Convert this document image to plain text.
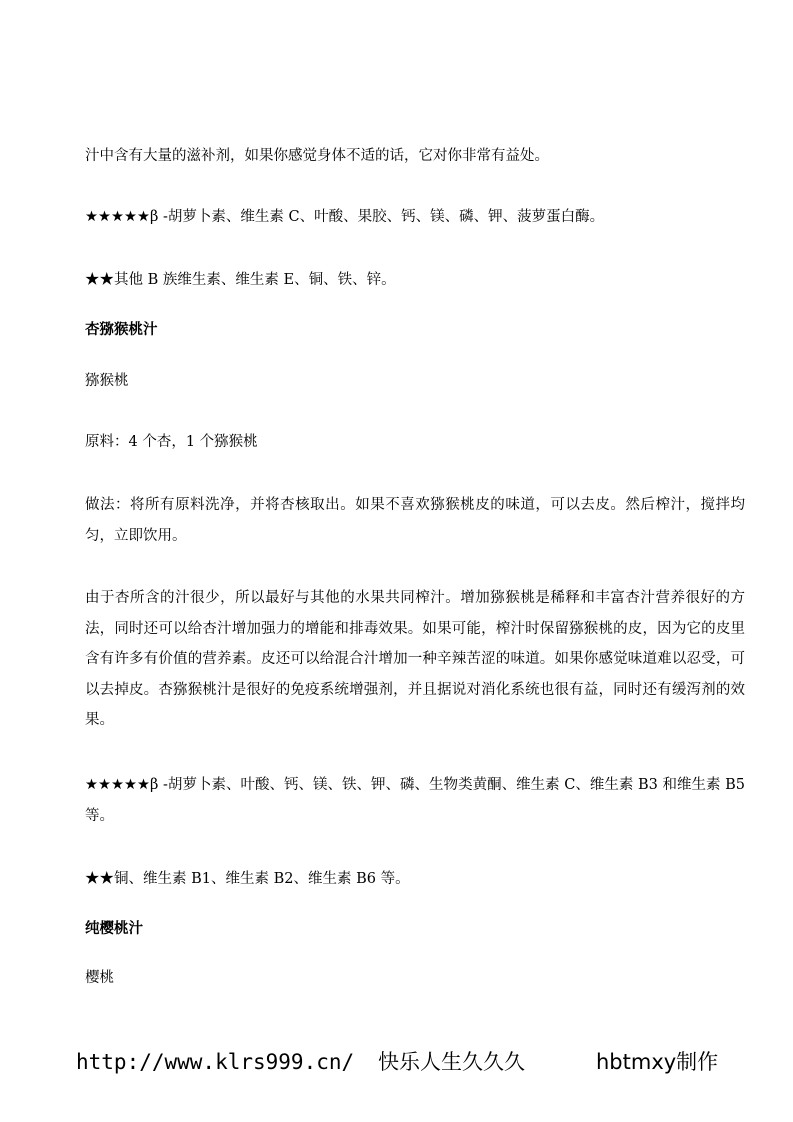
汁中含有大量的滋补剂，如果你感觉身体不适的话，它对你非常有益处。
★★★★★β -胡萝卜素、维生素 C、叶酸、果胶、钙、镁、磷、钾、菠萝蛋白酶。
★★其他 B 族维生素、维生素 E、铜、铁、锌。
杏猕猴桃汁
猕猴桃
原料：4 个杏，1 个猕猴桃
做法：将所有原料洗净，并将杏核取出。如果不喜欢猕猴桃皮的味道，可以去皮。然后榨汁，搅拌均匀，立即饮用。
由于杏所含的汁很少，所以最好与其他的水果共同榨汁。增加猕猴桃是稀释和丰富杏汁营养很好的方法，同时还可以给杏汁增加强力的增能和排毒效果。如果可能，榨汁时保留猕猴桃的皮，因为它的皮里含有许多有价值的营养素。皮还可以给混合汁增加一种辛辣苦涩的味道。如果你感觉味道难以忍受，可以去掉皮。杏猕猴桃汁是很好的免疫系统增强剂，并且据说对消化系统也很有益，同时还有缓泻剂的效果。
★★★★★β -胡萝卜素、叶酸、钙、镁、铁、钾、磷、生物类黄酮、维生素 C、维生素 B3 和维生素 B5 等。
★★铜、维生素 B1、维生素 B2、维生素 B6 等。
纯樱桃汁
樱桃
http://www.klrs999.cn/ 快乐人生久久久	hbtmxy制作
